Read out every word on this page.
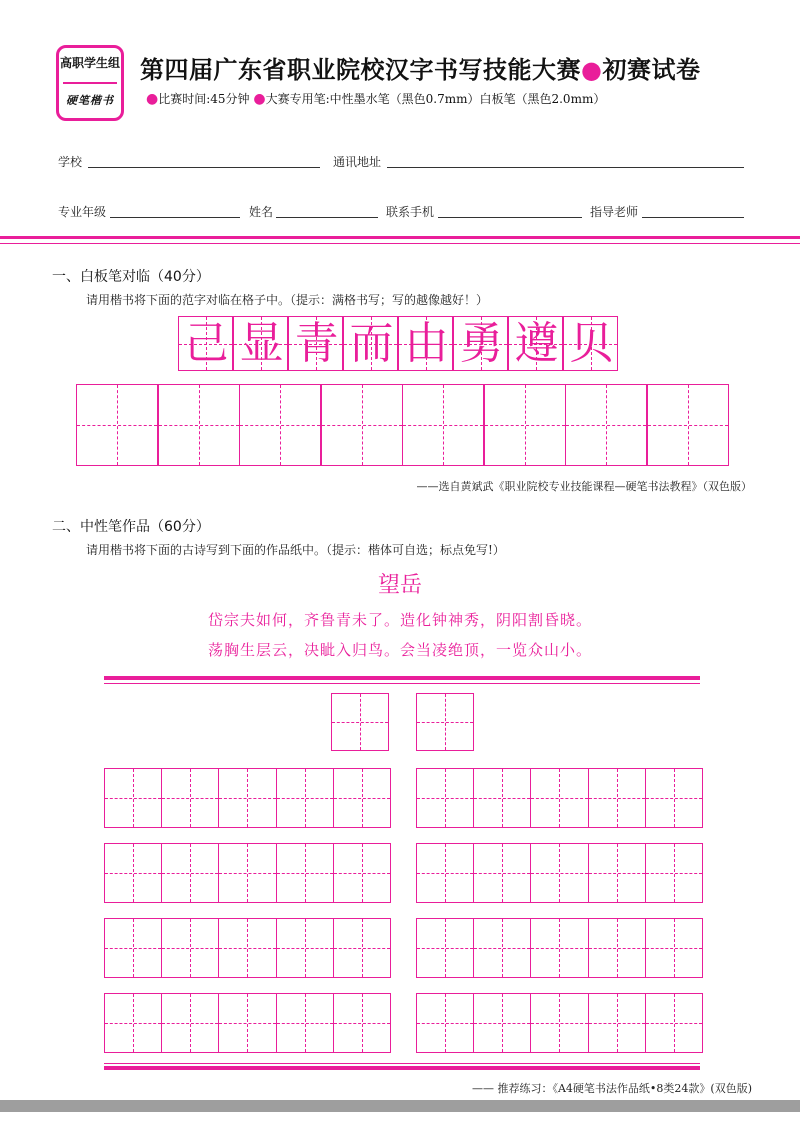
高职学生组
硬笔楷书
第四届广东省职业院校汉字书写技能大赛●初赛试卷
●比赛时间:45分钟 ●大赛专用笔:中性墨水笔（黑色0.7mm）白板笔（黑色2.0mm）
学校	通讯地址
专业年级	姓名	联系手机	指导老师
一、白板笔对临（40分）
请用楷书将下面的范字对临在格子中。（提示：满格书写；写的越像越好！）
己 显 青 而 由 勇 遵 贝
——选自黄斌武《职业院校专业技能课程—硬笔书法教程》（双色版）
二、中性笔作品（60分）
请用楷书将下面的古诗写到下面的作品纸中。（提示：楷体可自选；标点免写!）
望岳
岱宗夫如何，齐鲁青未了。造化钟神秀，阴阳割昏晓。
荡胸生层云，决眦入归鸟。会当凌绝顶，一览众山小。
—— 推荐练习：《A4硬笔书法作品纸•8类24款》(双色版)
